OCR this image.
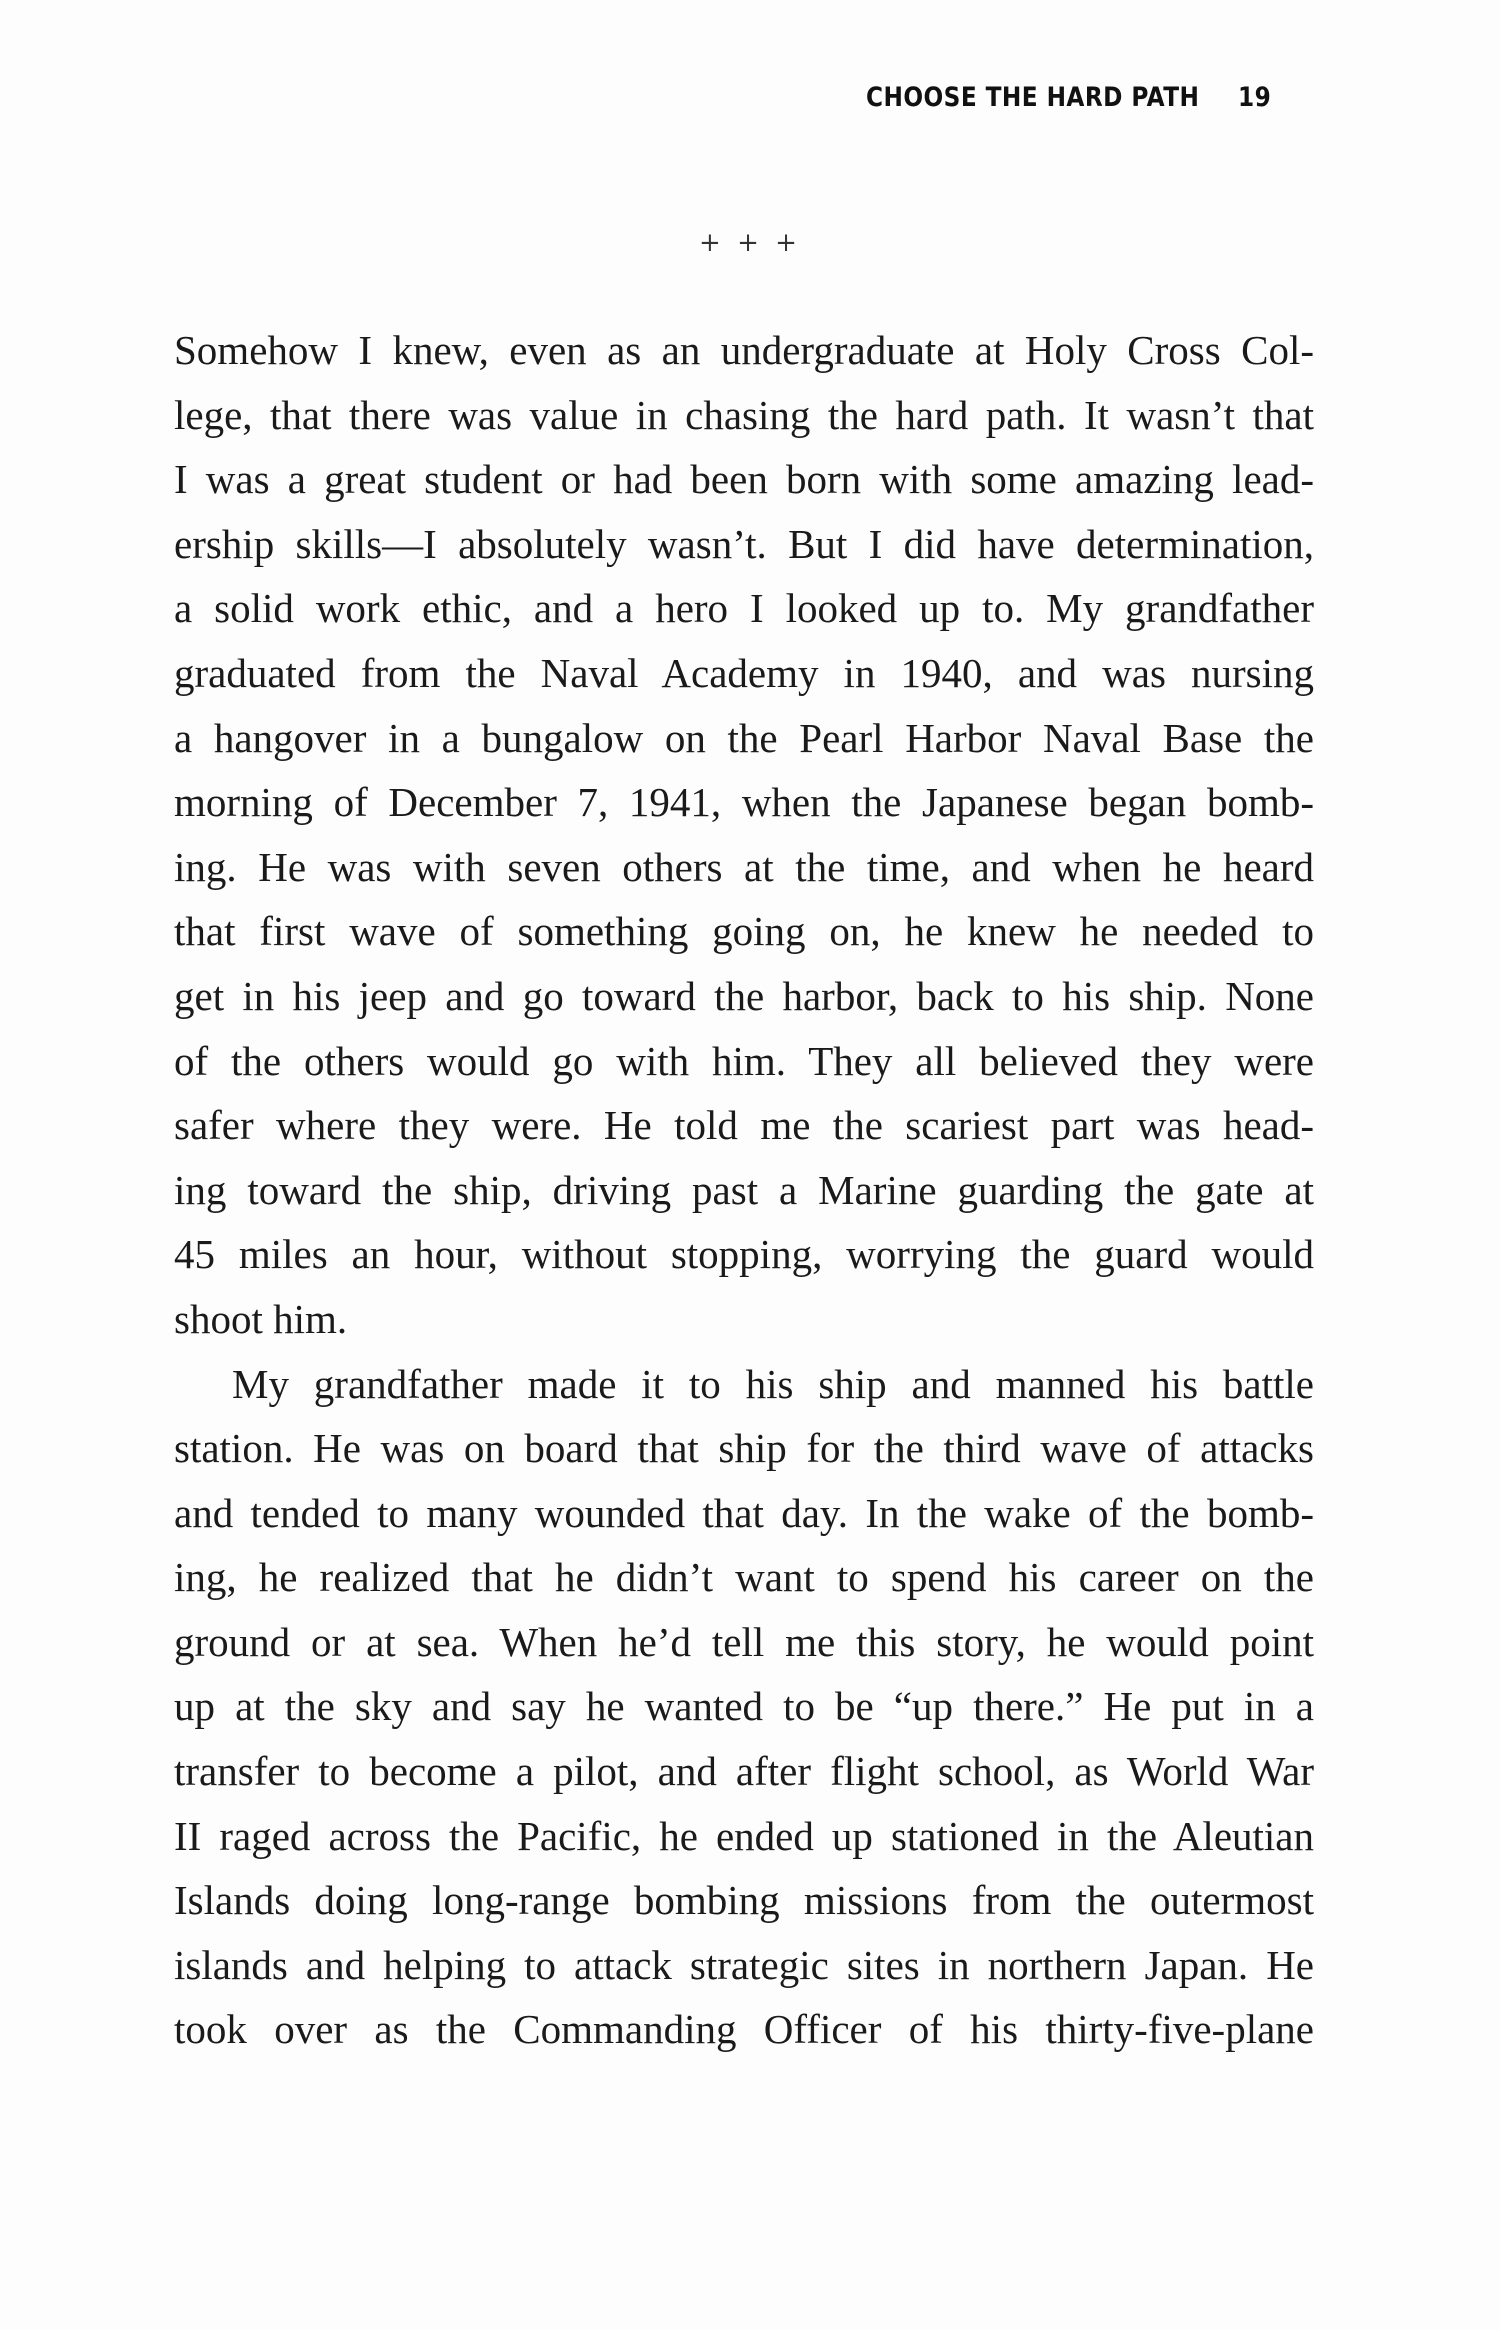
CHOOSE THE HARD PATH 19
+ + +
Somehow I knew, even as an undergraduate at Holy Cross Col-
lege, that there was value in chasing the hard path. It wasn’t that
I was a great student or had been born with some amazing lead-
ership skills—I absolutely wasn’t. But I did have determination,
a solid work ethic, and a hero I looked up to. My grandfather
graduated from the Naval Academy in 1940, and was nursing
a hangover in a bungalow on the Pearl Harbor Naval Base the
morning of December 7, 1941, when the Japanese began bomb-
ing. He was with seven others at the time, and when he heard
that first wave of something going on, he knew he needed to
get in his jeep and go toward the harbor, back to his ship. None
of the others would go with him. They all believed they were
safer where they were. He told me the scariest part was head-
ing toward the ship, driving past a Marine guarding the gate at
45 miles an hour, without stopping, worrying the guard would
shoot him.
My grandfather made it to his ship and manned his battle
station. He was on board that ship for the third wave of attacks
and tended to many wounded that day. In the wake of the bomb-
ing, he realized that he didn’t want to spend his career on the
ground or at sea. When he’d tell me this story, he would point
up at the sky and say he wanted to be “up there.” He put in a
transfer to become a pilot, and after flight school, as World War
II raged across the Pacific, he ended up stationed in the Aleutian
Islands doing long-range bombing missions from the outermost
islands and helping to attack strategic sites in northern Japan. He
took over as the Commanding Officer of his thirty-five-plane
